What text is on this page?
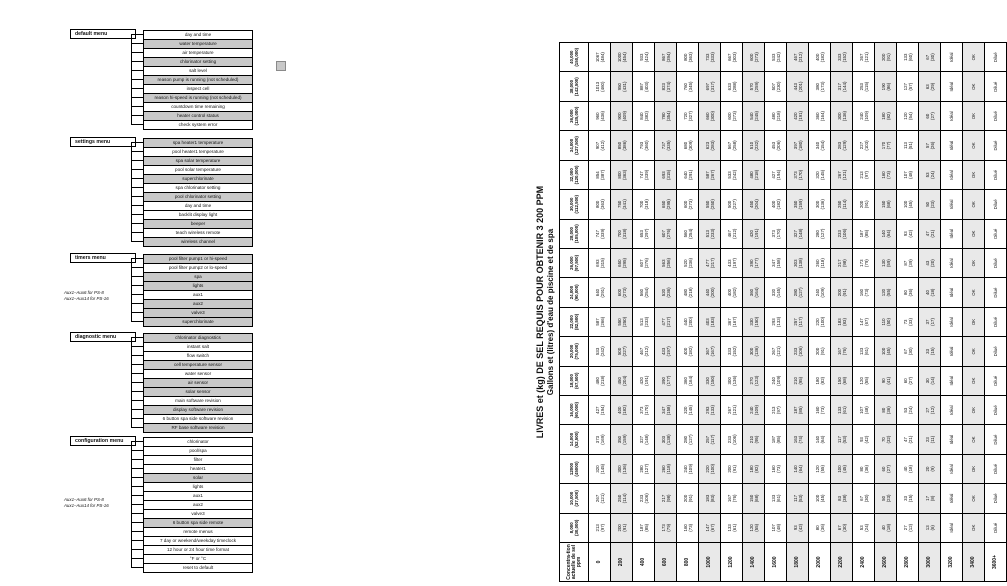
default menu	day and time
water temperature
air temperature
chlorinator setting
salt level
reason pump is running (not scheduled)
inspect cell
reason hi-speed is running (not scheduled)
countdown time remaining
heater control status
check system error
settings menu	spa heater1 temperature
pool heater1 temperature
spa solar temperature
pool solar temperature
superchlorinate
spa chlorinator setting
pool chlorinator setting
day and time
backlit display light
beeper
teach wireless remote
wireless channel
timers menu	pool filter pump1 or hi-speed
pool filter pump2 or lo-speed
spa
lights
aux1
aux2
valve3
superchlorinate
diagnostic menu	chlorinator diagnostics
instant salt
flow switch
cell temperature sensor
water sensor
air sensor
solar sensor
main software revision
display software revision
6 button spa side software revision
RF base software revision
configuration menu	chlorinator
pool/spa
filter
heater1
solar
lights
aux1
aux2
valve3
6 button spa side remote
remote menus
7 day or weekend/weekday timeclock
12 hour or 24 hour time format
°F or °C
reset to default
Aux1–Aux6 for PS-8
Aux1–Aux14 for PS-16
Aux1–Aux6 for PS-8
Aux1–Aux14 for PS-16
LIVRES et (kg) DE SEL REQUIS POUR OBTENIR 3 200 PPM Gallons et (litres) d'eau de piscine et de spa
Concentra-tion actuelle de sel ppm	8,000 (30,000)	10,000 (37,500)	12000 (45000)	14,000 (52,500)	16,000 (60,000)	18,000 (67,500)	20,000 (75,000)	22,000 (82,500)	24,000 (90,000)	26,000 (97,500)	28,000 (105,000)	30,000 (112,500)	32,000 (120,000)	34,000 (127,500)	36,000 (135,000)	38,000 (142,500)	40,000 (150,000)

0	213 (97)	267 (121)	320 (145)	373 (169)	427 (194)	480 (218)	533 (242)	587 (266)	640 (291)	693 (315)	747 (339)	800 (363)	854 (387)	907 (412)	960 (436)	1013 (460)	1067 (484)

200	200 (91)	250 (114)	300 (136)	350 (159)	400 (182)	450 (204)	500 (227)	550 (250)	600 (273)	650 (295)	700 (318)	750 (341)	800 (363)	850 (386)	900 (409)	950 (431)	1000 (454)

400	187 (85)	233 (106)	280 (127)	327 (148)	373 (170)	420 (191)	467 (212)	513 (233)	560 (254)	607 (276)	653 (297)	700 (318)	747 (339)	793 (360)	840 (382)	887 (403)	933 (424)

600	173 (79)	217 (98)	260 (118)	303 (138)	347 (158)	390 (177)	433 (197)	477 (217)	520 (236)	563 (256)	607 (276)	650 (295)	693 (315)	737 (335)	780 (354)	823 (374)	867 (394)

800	160 (73)	200 (91)	240 (109)	280 (127)	320 (145)	360 (164)	400 (182)	440 (200)	480 (218)	520 (236)	560 (254)	600 (273)	640 (291)	680 (309)	720 (327)	760 (345)	800 (363)

1000	147 (67)	183 (83)	220 (100)	257 (117)	293 (133)	330 (150)	367 (167)	403 (183)	440 (200)	477 (217)	513 (233)	550 (250)	587 (267)	623 (283)	660 (300)	697 (317)	733 (333)

1200	133 (61)	167 (76)	200 (91)	233 (106)	267 (121)	300 (136)	333 (152)	367 (167)	400 (182)	433 (197)	467 (212)	500 (227)	533 (242)	567 (258)	600 (273)	633 (288)	667 (303)

1400	120 (55)	150 (68)	180 (82)	210 (95)	240 (109)	270 (123)	300 (136)	330 (150)	360 (164)	390 (177)	420 (191)	450 (204)	480 (218)	510 (232)	540 (245)	570 (259)	600 (273)

1600	107 (48)	133 (61)	160 (73)	187 (85)	213 (97)	240 (109)	267 (121)	293 (133)	320 (145)	347 (158)	373 (170)	400 (182)	427 (194)	453 (206)	480 (218)	507 (230)	533 (242)

1800	93 (42)	117 (53)	140 (64)	163 (74)	187 (85)	210 (95)	233 (106)	257 (117)	280 (127)	303 (138)	327 (148)	350 (159)	373 (170)	397 (180)	420 (191)	443 (201)	467 (212)

2000	80 (36)	100 (45)	120 (55)	140 (64)	160 (73)	180 (82)	200 (91)	220 (100)	240 (109)	260 (118)	280 (127)	300 (136)	320 (145)	340 (154)	360 (164)	380 (173)	400 (182)

2200	67 (30)	83 (38)	100 (45)	117 (53)	133 (61)	150 (68)	167 (76)	183 (83)	200 (91)	217 (98)	233 (106)	250 (114)	267 (121)	283 (129)	300 (136)	317 (144)	333 (152)

2400	53 (24)	67 (30)	80 (36)	93 (42)	107 (48)	120 (55)	133 (61)	147 (67)	160 (73)	173 (79)	187 (85)	200 (91)	213 (97)	227 (103)	240 (109)	253 (115)	267 (121)

2600	40 (18)	50 (23)	60 (27)	70 (32)	80 (36)	90 (41)	100 (45)	110 (50)	120 (55)	130 (59)	140 (64)	150 (68)	160 (73)	170 (77)	180 (82)	190 (86)	200 (91)

2800	27 (12)	33 (15)	40 (18)	47 (21)	53 (24)	60 (27)	67 (30)	73 (33)	80 (36)	87 (39)	93 (42)	100 (45)	107 (48)	113 (51)	120 (54)	127 (57)	133 (60)

3000	13 (6)	17 (8)	20 (9)	23 (11)	27 (12)	30 (14)	33 (15)	37 (17)	40 (18)	43 (20)	47 (21)	50 (23)	53 (24)	57 (26)	60 (27)	63 (29)	67 (30)

3200	Idéal	Idéal	Idéal	Idéal	Idéal	Idéal	Idéal	Idéal	Idéal	Idéal	Idéal	Idéal	Idéal	Idéal	Idéal	Idéal	Idéal
3400	OK	OK	OK	OK	OK	OK	OK	OK	OK	OK	OK	OK	OK	OK	OK	OK	OK
3600+	Dilué	Dilué	Dilué	Dilué	Dilué	Dilué	Dilué	Dilué	Dilué	Dilué	Dilué	Dilué	Dilué	Dilué	Dilué	Dilué	Dilué
